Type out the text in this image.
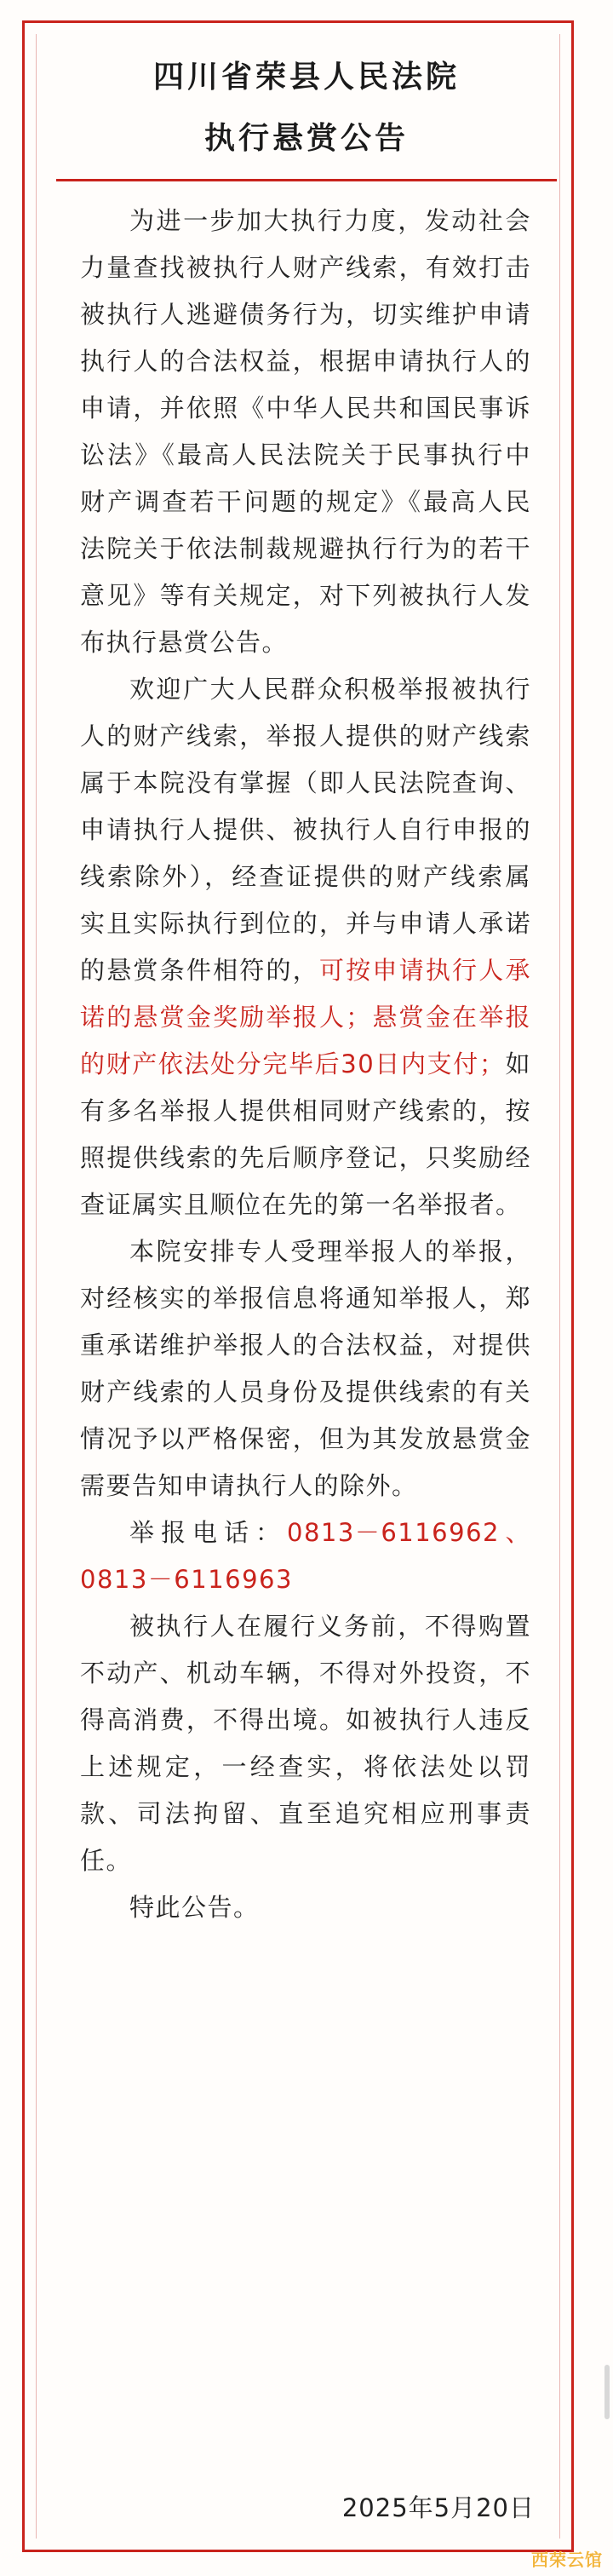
四川省荣县人民法院
执行悬赏公告

为进一步加大执行力度，发动社会力量查找被执行人财产线索，有效打击被执行人逃避债务行为，切实维护申请执行人的合法权益，根据申请执行人的申请，并依照《中华人民共和国民事诉讼法》《最高人民法院关于民事执行中财产调查若干问题的规定》《最高人民法院关于依法制裁规避执行行为的若干意见》等有关规定，对下列被执行人发布执行悬赏公告。

欢迎广大人民群众积极举报被执行人的财产线索，举报人提供的财产线索属于本院没有掌握（即人民法院查询、申请执行人提供、被执行人自行申报的线索除外），经查证提供的财产线索属实且实际执行到位的，并与申请人承诺的悬赏条件相符的，可按申请执行人承诺的悬赏金奖励举报人；悬赏金在举报的财产依法处分完毕后30日内支付；如有多名举报人提供相同财产线索的，按照提供线索的先后顺序登记，只奖励经查证属实且顺位在先的第一名举报者。

本院安排专人受理举报人的举报，对经核实的举报信息将通知举报人，郑重承诺维护举报人的合法权益，对提供财产线索的人员身份及提供线索的有关情况予以严格保密，但为其发放悬赏金需要告知申请执行人的除外。

举报电话：0813－6116962、0813－6116963

被执行人在履行义务前，不得购置不动产、机动车辆，不得对外投资，不得高消费，不得出境。如被执行人违反上述规定，一经查实，将依法处以罚款、司法拘留、直至追究相应刑事责任。

特此公告。

2025年5月20日
西荣云馆
